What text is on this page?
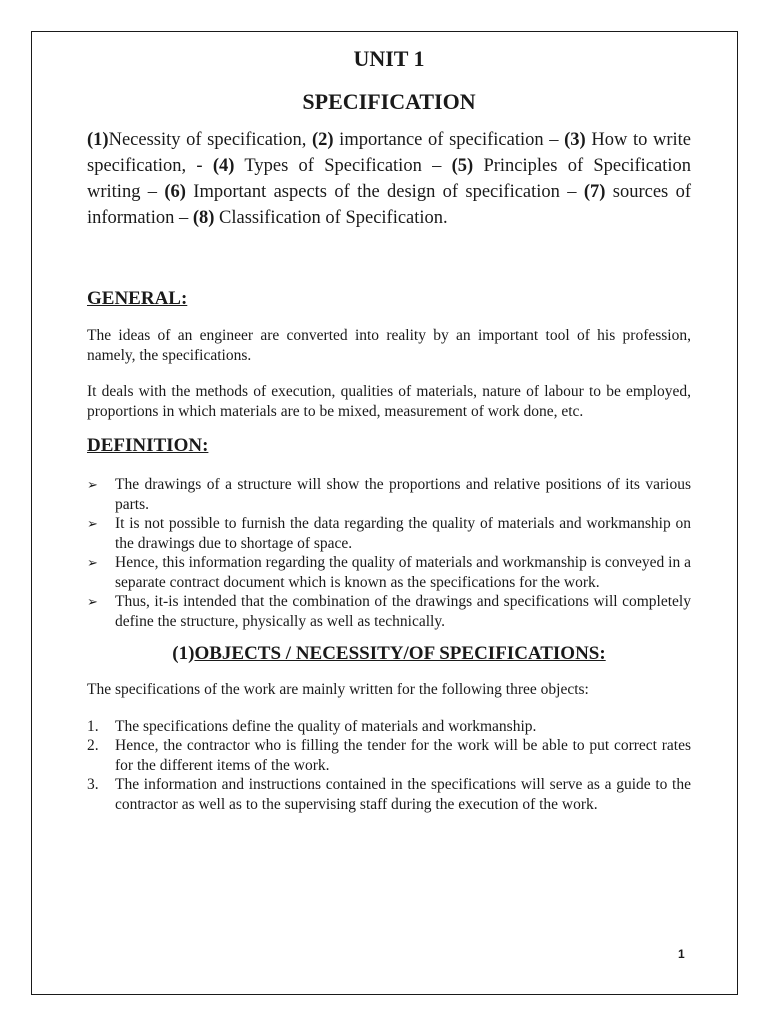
UNIT 1
SPECIFICATION

(1)Necessity of specification, (2) importance of specification – (3) How to write specification, - (4) Types of Specification – (5) Principles of Specification writing – (6) Important aspects of the design of specification – (7) sources of information – (8) Classification of Specification.

GENERAL:

The ideas of an engineer are converted into reality by an important tool of his profession, namely, the specifications.

It deals with the methods of execution, qualities of materials, nature of labour to be employed, proportions in which materials are to be mixed, measurement of work done, etc.

DEFINITION:
➢ The drawings of a structure will show the proportions and relative positions of its various parts.
➢ It is not possible to furnish the data regarding the quality of materials and workmanship on the drawings due to shortage of space.
➢ Hence, this information regarding the quality of materials and workmanship is conveyed in a separate contract document which is known as the specifications for the work.
➢ Thus, it-is intended that the combination of the drawings and specifications will completely define the structure, physically as well as technically.
(1)OBJECTS / NECESSITY/OF SPECIFICATIONS:

The specifications of the work are mainly written for the following three objects:

1. The specifications define the quality of materials and workmanship.
2. Hence, the contractor who is filling the tender for the work will be able to put correct rates for the different items of the work.
3. The information and instructions contained in the specifications will serve as a guide to the contractor as well as to the supervising staff during the execution of the work.
1
